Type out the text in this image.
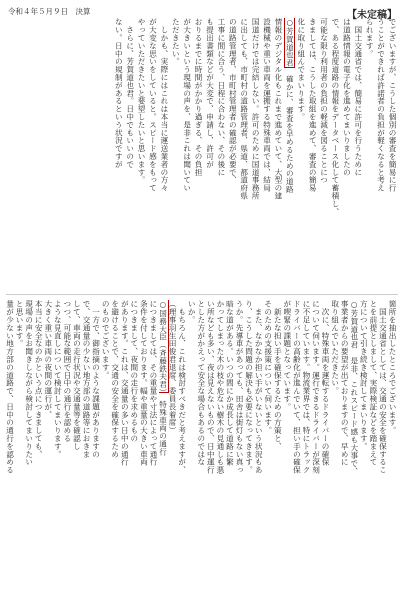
令和４年５月９日　決算	【未定稿】
でございますが、こうした個別の審査を簡易に行
うことができれば許諾者の負担が軽くなると考え
られます。
　国土交通省では、簡易に許可を行うために
は道路情報の電子化を進めてまいりましたの
で、ある程度道路の情報をデータベース化して蓄積し、
可能な限り利用者の負担の軽減を図ることにつ
きましては、こうした取組を進めて、審査の簡易
化に取り組んでまいります。
○芳賀道也君　確かに、審査を早めるための道路
情報のデジタル化もこれまで進めていて、大型の建
設機械や重い車両を運搬する特殊車両では、結局
国道だけでは完結しない。許可のために国道事務所
に出しても、市町村の道路管理者、県道、都道府県
の道路管理者、市町村管理者の確認が必要で、
工事に間に合う、日程に合わない、その後に
も提出書類などが大変で、申請し、許可が
おりるまでに時間がかかり過ぎる、その負担
が大きいという現場の声を、是非これは聞いてい
ただきたい。
　しかも、実際にはこれは本当に運送業者の方々
が大変な思いをしていると。スピード感をもって
やっていただきたいと要望したいと思います。
　さらに、芳賀道也君。日中でもいいので
ない。日中の規制があるという状況ですが
箇所を抽出したところでございます。
　国土交通省としては、交通の安全を確保するこ
とを前提としまして、実際検証などを踏まえて
方について引き続き検討してまいります。
○芳賀道也君　是非、これスピード感も大事で、
事業者からの要望が出ておりますので、早めに
取り組んでいただきたい。
　次に、特殊車両を運転するドライバーの確保
について伺います。運行できるドライバーが深刻
に不足しています。物流業界では、特にトラック
ドライバーの高齢化が進んでいて、担い手の確保
が喫緊の課題となっています。
　新たな担い手を確保するための方策と、
そのための支援策について伺います。
　また、なかなか担い手がいないという状況もあ
り、こうした問題の解決も必要になってきます。
うか。先導車があっても、田舎は街灯もない真っ
暗な道がある。いつの間にか成長して道路に繁
かってしまった木の枝や危ない樹木の見通しも悪
い所なども多い、夜は見えないもので、日中運行
とした方がかえって安全な場合もあるのではな
いか。
　もちろん、これは検討すべきだと考えますが、
（理事羽生田俊君退席、委員長着席）
○国務大臣（斉藤鉄夫君）　特殊車両の通行
につきましては、その重量や寸法によって通行
条件を付しております。幅や重量の大きい車両
につきまして、夜間の走行を求めるもの
があります。これは、交通量の多い日中の通行
を避けることで、交通の安全を確保するため
のものでございます。
　一方で、御指摘のような課題がありますの
で、交通量の少ない地方部の道路等におきま
して、車両の走行状況や交通量等を確認し
つつ、可能な範囲で日中の通行を認める
ような見直しについて検討してまいります。
大きく重い車両の夜間の運行が、
本当に安全なのかという点につきましても、
現場の声をお聞きしながら検討してまいりたい
と思います。
量が少ない地方部の道路で、日中の通行を認める
